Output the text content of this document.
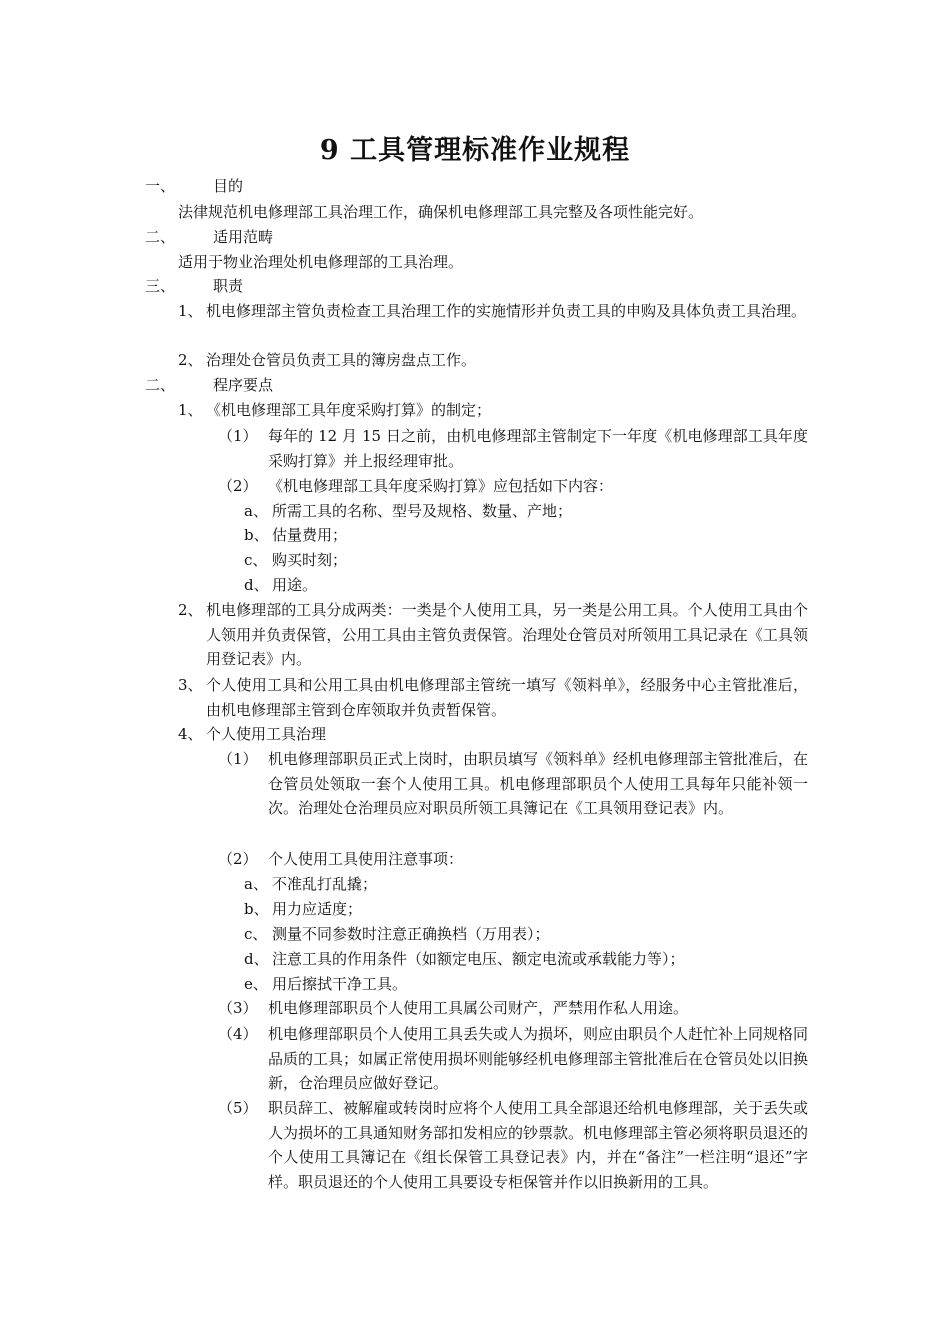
9 工具管理标准作业规程
一、	目的
法律规范机电修理部工具治理工作，确保机电修理部工具完整及各项性能完好。
二、	适用范畴
适用于物业治理处机电修理部的工具治理。
三、	职责
1、 机电修理部主管负责检查工具治理工作的实施情形并负责工具的申购及具体负责工具治理。
2、 治理处仓管员负责工具的簿房盘点工作。
二、	程序要点
1、 《机电修理部工具年度采购打算》的制定；
（1） 每年的 12 月 15 日之前，由机电修理部主管制定下一年度《机电修理部工具年度采购打算》并上报经理审批。
（2） 《机电修理部工具年度采购打算》应包括如下内容：
a、 所需工具的名称、型号及规格、数量、产地；
b、 估量费用；
c、 购买时刻；
d、 用途。
2、 机电修理部的工具分成两类：一类是个人使用工具，另一类是公用工具。个人使用工具由个人领用并负责保管，公用工具由主管负责保管。治理处仓管员对所领用工具记录在《工具领用登记表》内。
3、 个人使用工具和公用工具由机电修理部主管统一填写《领料单》，经服务中心主管批准后，由机电修理部主管到仓库领取并负责暂保管。
4、 个人使用工具治理
（1） 机电修理部职员正式上岗时，由职员填写《领料单》经机电修理部主管批准后，在仓管员处领取一套个人使用工具。机电修理部职员个人使用工具每年只能补领一次。治理处仓治理员应对职员所领工具簿记在《工具领用登记表》内。
（2） 个人使用工具使用注意事项：
a、 不准乱打乱撬；
b、 用力应适度；
c、 测量不同参数时注意正确换档（万用表）；
d、 注意工具的作用条件（如额定电压、额定电流或承载能力等）；
e、 用后擦拭干净工具。
（3） 机电修理部职员个人使用工具属公司财产，严禁用作私人用途。
（4） 机电修理部职员个人使用工具丢失或人为损坏，则应由职员个人赶忙补上同规格同品质的工具；如属正常使用损坏则能够经机电修理部主管批准后在仓管员处以旧换新，仓治理员应做好登记。
（5） 职员辞工、被解雇或转岗时应将个人使用工具全部退还给机电修理部，关于丢失或人为损坏的工具通知财务部扣发相应的钞票款。机电修理部主管必须将职员退还的个人使用工具簿记在《组长保管工具登记表》内，并在“备注”一栏注明“退还”字样。职员退还的个人使用工具要设专柜保管并作以旧换新用的工具。
